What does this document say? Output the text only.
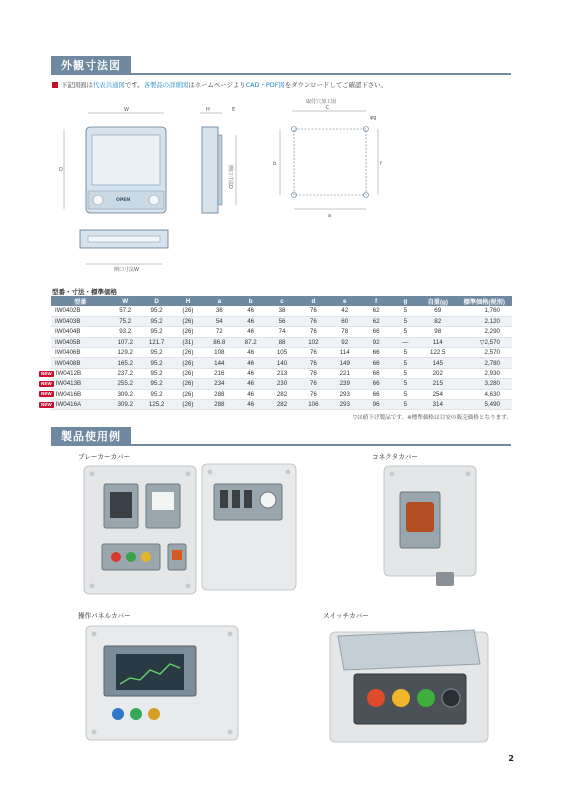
外観寸法図
下記図面は代表共通図です。各製品の詳細図はホームページよりCAD・PDF図をダウンロードしてご確認下さい。
W
D
OPEN
H	E
開口寸法D
開口寸法W
取付穴加工図
C
φg
b	f
a
型番・寸法・標準価格
型番	W	D	H	a	b	c	d	e	f	g	自重(g)	標準価格(税別)
IW0402B	57.2	95.2	(26)	36	46	38	76	42	62	5	69	1,760
IW0403B	75.2	95.2	(26)	54	46	56	76	60	62	5	82	2,120
IW0404B	93.2	95.2	(26)	72	46	74	76	78	66	5	98	2,290
IW0405B	107.2	121.7	(31)	86.8	87.2	88	102	92	92	—	114	▽2,570
IW0406B	129.2	95.2	(26)	108	46	105	76	114	66	5	122.5	2,570
IW0408B	165.2	95.2	(26)	144	46	140	76	149	66	5	145	2,780
NEW IW0412B	237.2	95.2	(26)	216	46	213	76	221	66	5	202	2,930
NEW IW0413B	255.2	95.2	(26)	234	46	230	76	239	66	5	215	3,280
NEW IW0416B	309.2	95.2	(26)	288	46	282	76	293	66	5	254	4,630
NEW IW0416A	309.2	125.2	(26)	288	46	282	106	293	96	5	314	5,490
▽は値下げ製品です。※標準価格は目安の販売価格となります。
製品使用例
ブレーカーカバー	コネクタカバー
操作パネルカバー	スイッチカバー
2
